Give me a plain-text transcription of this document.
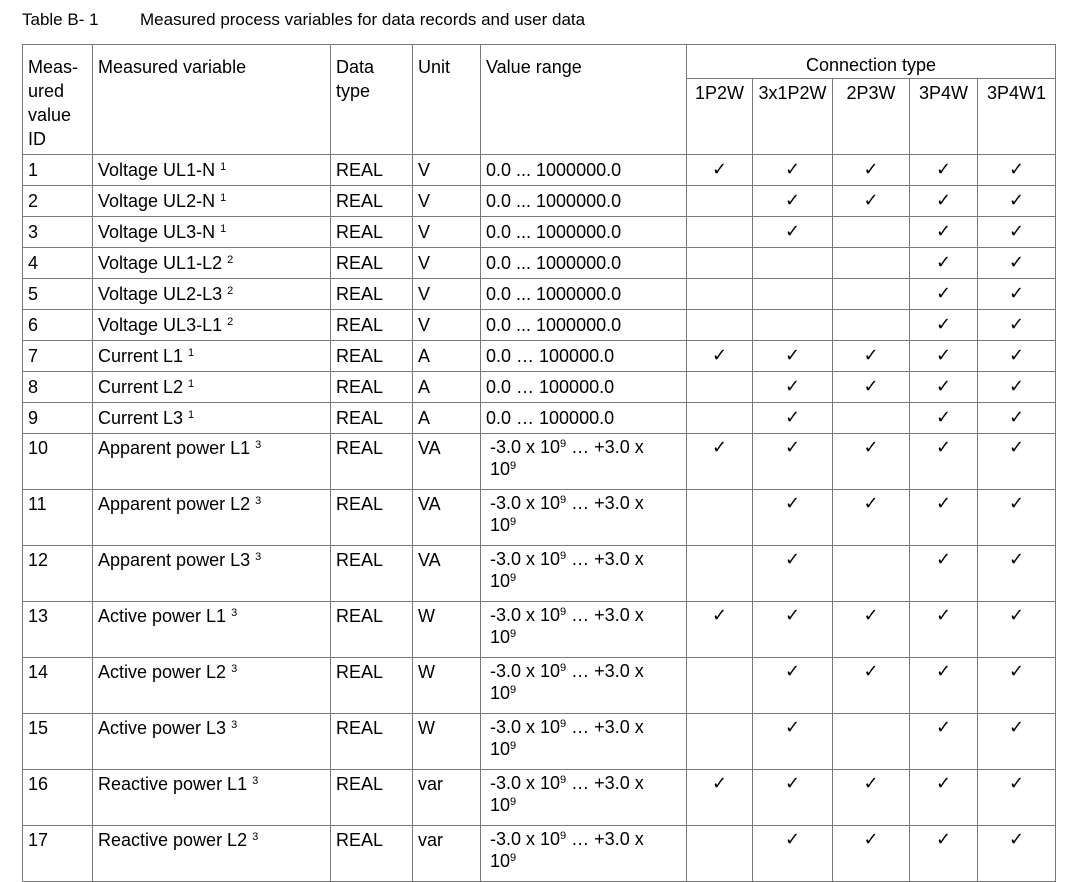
Table B- 1 Measured process variables for data records and user data
Meas-
ured
value
ID	Measured variable	Data
type	Unit	Value range	Connection type				
					1P2W	3x1P2W	2P3W	3P4W	3P4W1
1	Voltage UL1-N $^1$	REAL	V	0.0 ... 1000000.0	✓	✓	✓	✓	✓
2	Voltage UL2-N $^1$	REAL	V	0.0 ... 1000000.0		✓	✓	✓	✓
3	Voltage UL3-N $^1$	REAL	V	0.0 ... 1000000.0		✓		✓	✓
4	Voltage UL1-L2 $^2$	REAL	V	0.0 ... 1000000.0				✓	✓
5	Voltage UL2-L3 $^2$	REAL	V	0.0 ... 1000000.0				✓	✓
6	Voltage UL3-L1 $^2$	REAL	V	0.0 ... 1000000.0				✓	✓
7	Current L1 $^1$	REAL	A	0.0 … 100000.0	✓	✓	✓	✓	✓
8	Current L2 $^1$	REAL	A	0.0 … 100000.0		✓	✓	✓	✓
9	Current L3 $^1$	REAL	A	0.0 … 100000.0		✓		✓	✓
10	Apparent power L1 $^3$	REAL	VA	-3.0 x $10^9$ … +3.0 x
$10^9$	✓	✓	✓	✓	✓
11	Apparent power L2 $^3$	REAL	VA	-3.0 x $10^9$ … +3.0 x
$10^9$		✓	✓	✓	✓
12	Apparent power L3 $^3$	REAL	VA	-3.0 x $10^9$ … +3.0 x
$10^9$		✓		✓	✓
13	Active power L1 $^3$	REAL	W	-3.0 x $10^9$ … +3.0 x
$10^9$	✓	✓	✓	✓	✓
14	Active power L2 $^3$	REAL	W	-3.0 x $10^9$ … +3.0 x
$10^9$		✓	✓	✓	✓
15	Active power L3 $^3$	REAL	W	-3.0 x $10^9$ … +3.0 x
$10^9$		✓		✓	✓
16	Reactive power L1 $^3$	REAL	var	-3.0 x $10^9$ … +3.0 x
$10^9$	✓	✓	✓	✓	✓
17	Reactive power L2 $^3$	REAL	var	-3.0 x $10^9$ … +3.0 x
$10^9$		✓	✓	✓	✓
